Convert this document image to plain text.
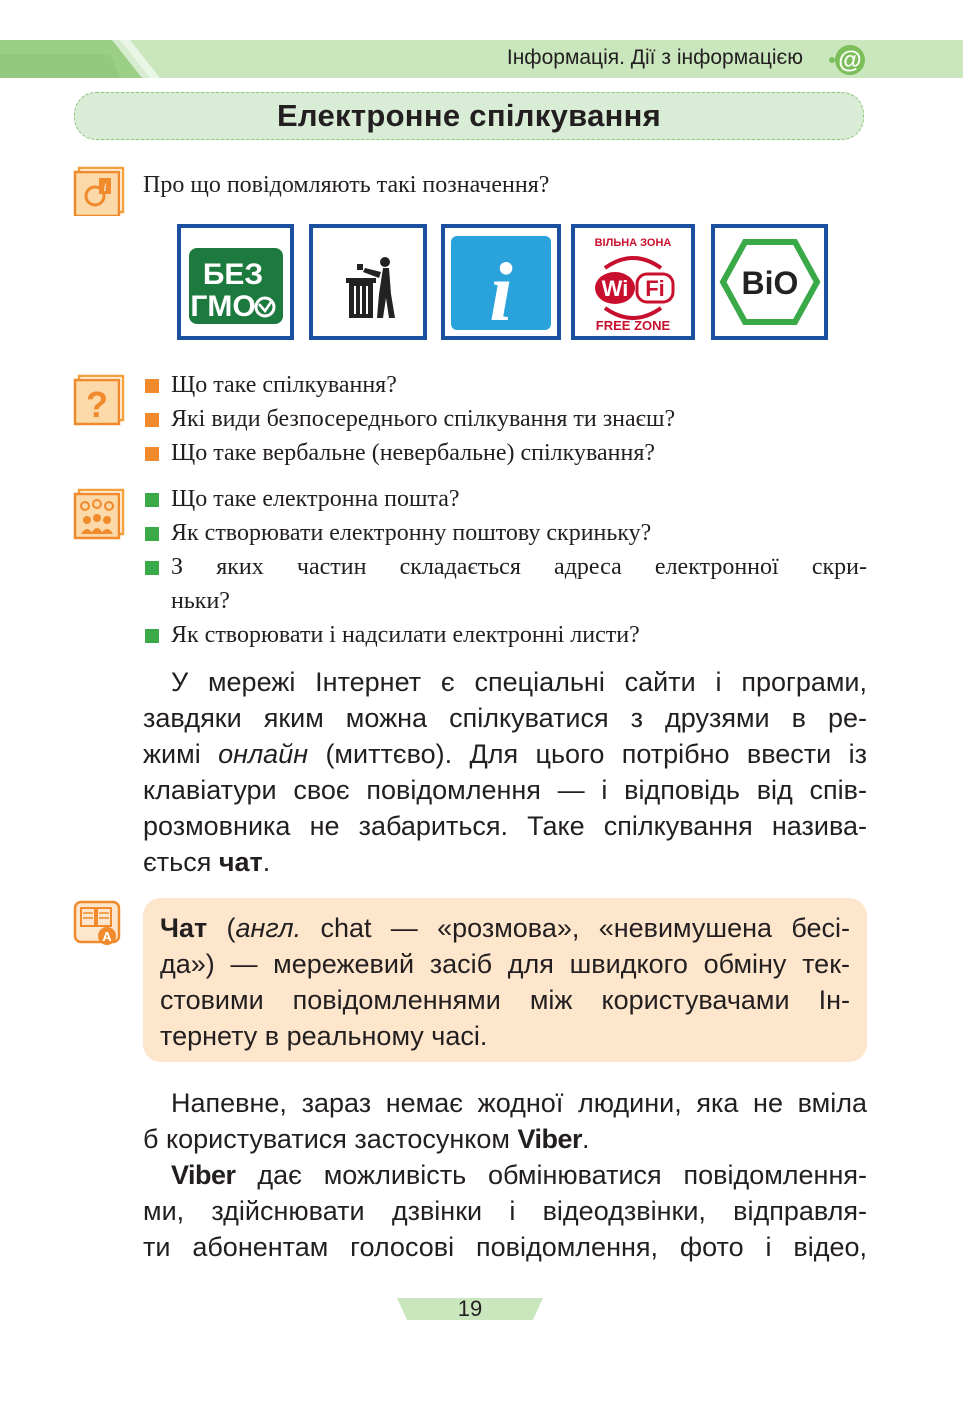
Інформація. Дії з інформацією @
Електронне спілкування
i Про що повідомляють такі позначення?
БЕЗ
ГМО	i
ВІЛЬНА ЗОНА
Wi Fi
FREE ZONE
BiO
?	Що таке спілкування?
Які види безпосереднього спілкування ти знаєш?
Що таке вербальне (невербальне) спілкування?
Що таке електронна пошта?
Як створювати електронну поштову скриньку?
З яких частин складається адреса електронної скри-
ньки?
Як створювати і надсилати електронні листи?

У мережі Інтернет є спеціальні сайти і програми,
завдяки яким можна спілкуватися з друзями в ре-
жимі онлайн (миттєво). Для цього потрібно ввести із
клавіатури своє повідомлення — і відповідь від спів-
розмовника не забариться. Таке спілкування назива-
ється чат.

A Чат (англ. chat — «розмова», «невимушена бесі-
да») — мережевий засіб для швидкого обміну тек-
стовими повідомленнями між користувачами Ін-
тернету в реальному часі.

Напевне, зараз немає жодної людини, яка не вміла
б користуватися застосунком Viber.

Viber дає можливість обмінюватися повідомлення-
ми, здійснювати дзвінки і відеодзвінки, відправля-
ти абонентам голосові повідомлення, фото і відео,

19
